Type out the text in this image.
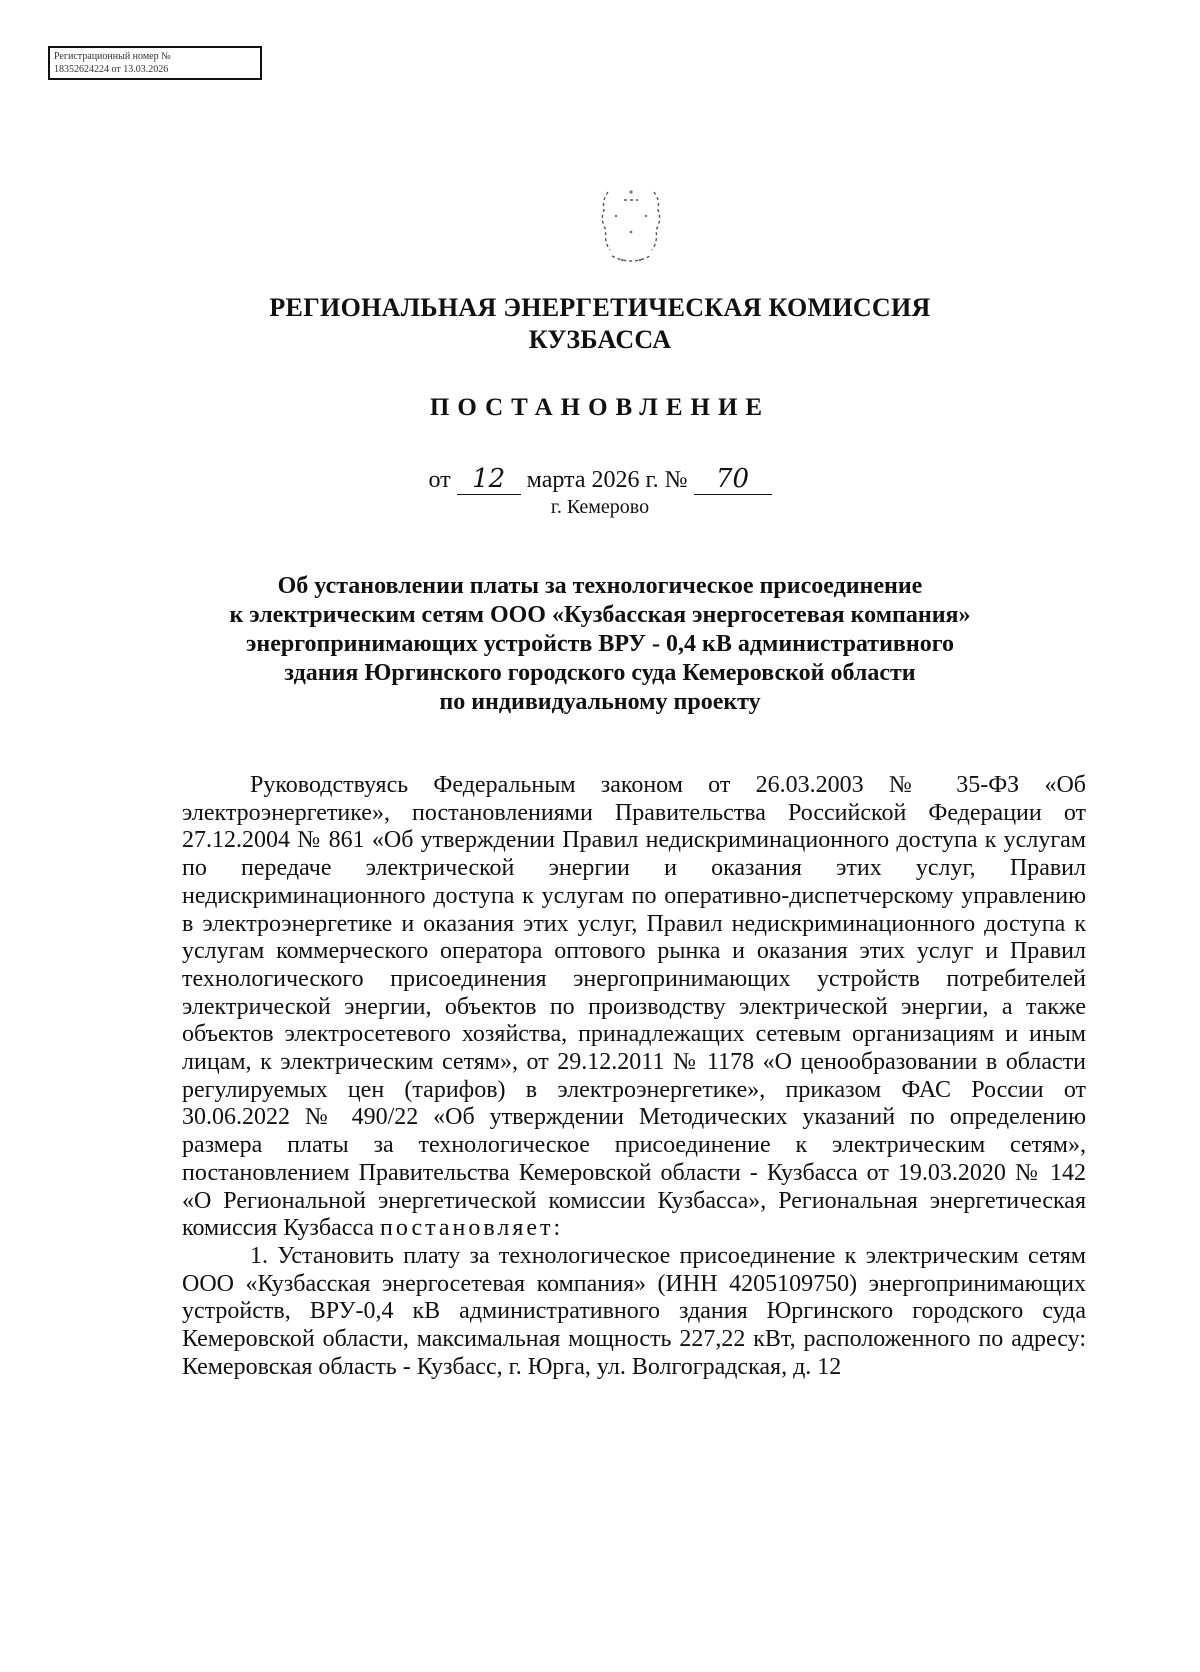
Регистрационный номер №
18352624224 от 13.03.2026
РЕГИОНАЛЬНАЯ ЭНЕРГЕТИЧЕСКАЯ КОМИССИЯ
КУЗБАССА
ПОСТАНОВЛЕНИЕ
от 12 марта 2026 г. № 70
г. Кемерово
Об установлении платы за технологическое присоединение
к электрическим сетям ООО «Кузбасская энергосетевая компания»
энергопринимающих устройств ВРУ - 0,4 кВ административного
здания Юргинского городского суда Кемеровской области
по индивидуальному проекту

Руководствуясь Федеральным законом от 26.03.2003 № 35-ФЗ «Об электроэнергетике», постановлениями Правительства Российской Федерации от 27.12.2004 № 861 «Об утверждении Правил недискриминационного доступа к услугам по передаче электрической энергии и оказания этих услуг, Правил недискриминационного доступа к услугам по оперативно-диспетчерскому управлению в электроэнергетике и оказания этих услуг, Правил недискриминационного доступа к услугам коммерческого оператора оптового рынка и оказания этих услуг и Правил технологического присоединения энергопринимающих устройств потребителей электрической энергии, объектов по производству электрической энергии, а также объектов электросетевого хозяйства, принадлежащих сетевым организациям и иным лицам, к электрическим сетям», от 29.12.2011 № 1178 «О ценообразовании в области регулируемых цен (тарифов) в электроэнергетике», приказом ФАС России от 30.06.2022 № 490/22 «Об утверждении Методических указаний по определению размера платы за технологическое присоединение к электрическим сетям», постановлением Правительства Кемеровской области - Кузбасса от 19.03.2020 № 142 «О Региональной энергетической комиссии Кузбасса», Региональная энергетическая комиссия Кузбасса постановляет:

1. Установить плату за технологическое присоединение к электрическим сетям ООО «Кузбасская энергосетевая компания» (ИНН 4205109750) энергопринимающих устройств, ВРУ-0,4 кВ административного здания Юргинского городского суда Кемеровской области, максимальная мощность 227,22 кВт, расположенного по адресу: Кемеровская область - Кузбасс, г. Юрга, ул. Волгоградская, д. 12
